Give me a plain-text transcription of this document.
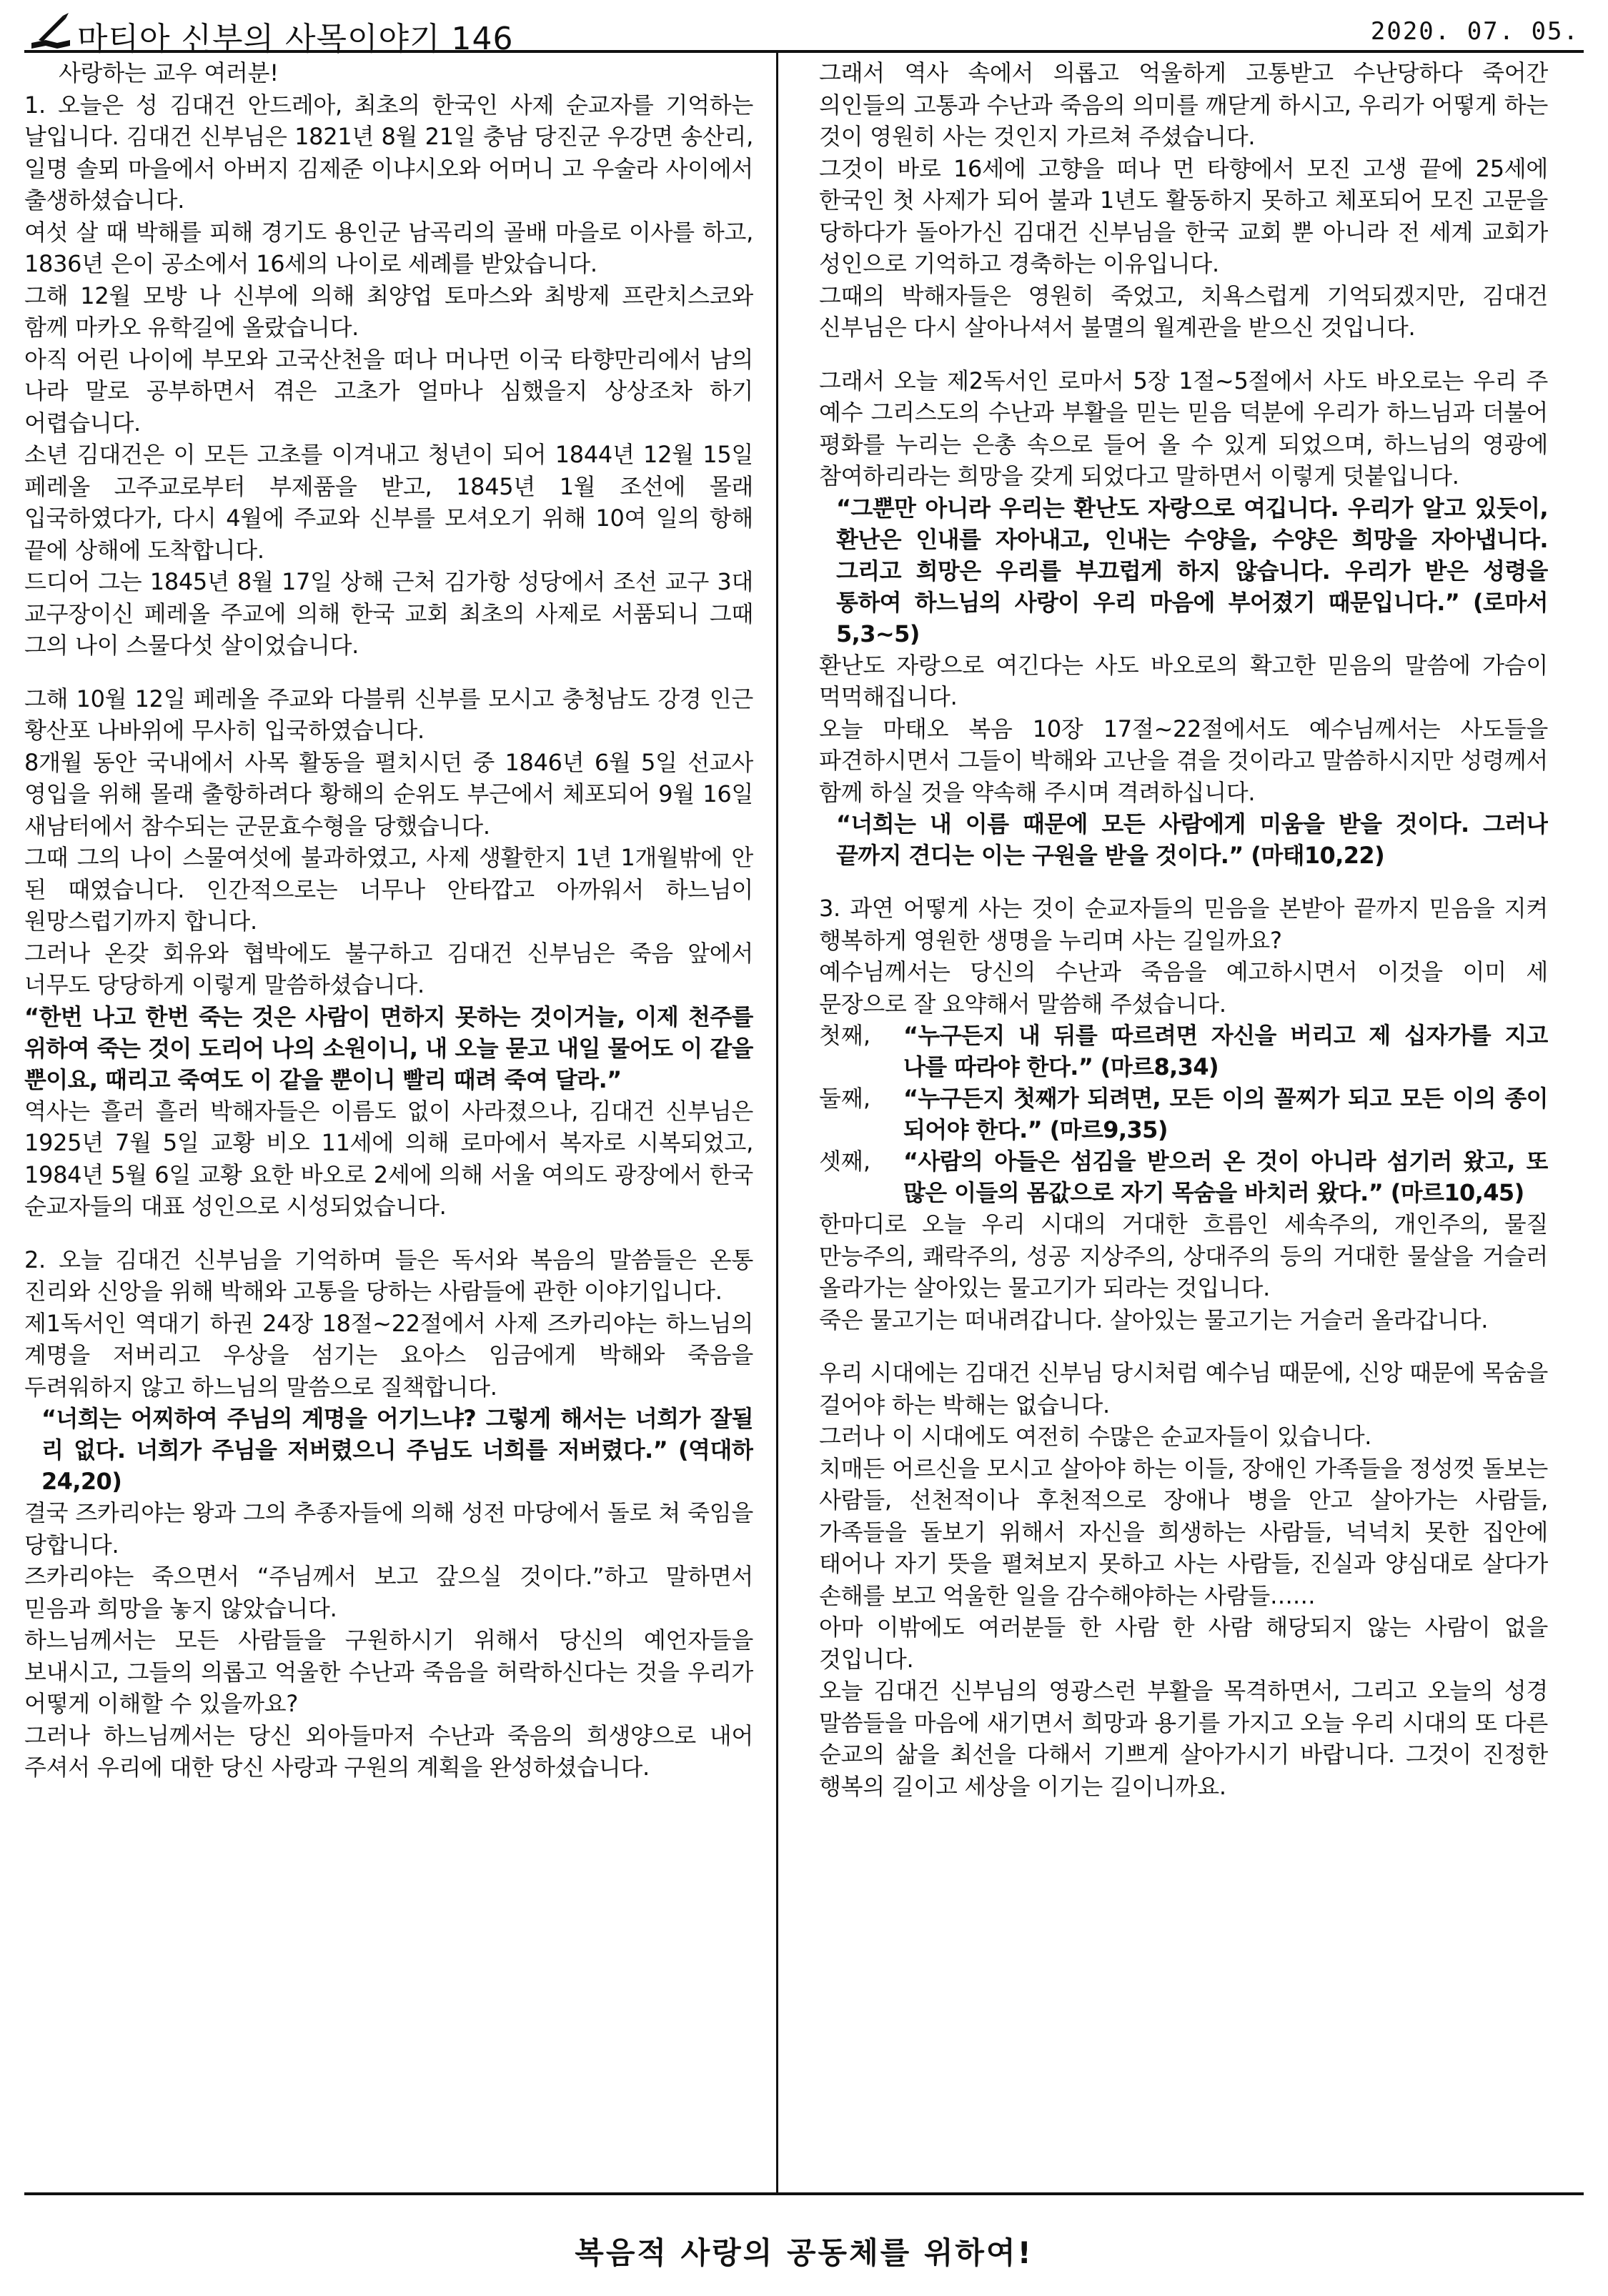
마티아 신부의 사목이야기 146	2020. 07. 05.

사랑하는 교우 여러분!

1. 오늘은 성 김대건 안드레아, 최초의 한국인 사제 순교자를 기억하는 날입니다. 김대건 신부님은 1821년 8월 21일 충남 당진군 우강면 송산리, 일명 솔뫼 마을에서 아버지 김제준 이냐시오와 어머니 고 우술라 사이에서 출생하셨습니다.

여섯 살 때 박해를 피해 경기도 용인군 남곡리의 골배 마을로 이사를 하고, 1836년 은이 공소에서 16세의 나이로 세례를 받았습니다.

그해 12월 모방 나 신부에 의해 최양업 토마스와 최방제 프란치스코와 함께 마카오 유학길에 올랐습니다.

아직 어린 나이에 부모와 고국산천을 떠나 머나먼 이국 타향만리에서 남의 나라 말로 공부하면서 겪은 고초가 얼마나 심했을지 상상조차 하기 어렵습니다.

소년 김대건은 이 모든 고초를 이겨내고 청년이 되어 1844년 12월 15일 페레올 고주교로부터 부제품을 받고, 1845년 1월 조선에 몰래 입국하였다가, 다시 4월에 주교와 신부를 모셔오기 위해 10여 일의 항해 끝에 상해에 도착합니다.

드디어 그는 1845년 8월 17일 상해 근처 김가항 성당에서 조선 교구 3대 교구장이신 페레올 주교에 의해 한국 교회 최초의 사제로 서품되니 그때 그의 나이 스물다섯 살이었습니다.

그해 10월 12일 페레올 주교와 다블뤼 신부를 모시고 충청남도 강경 인근 황산포 나바위에 무사히 입국하였습니다.

8개월 동안 국내에서 사목 활동을 펼치시던 중 1846년 6월 5일 선교사 영입을 위해 몰래 출항하려다 황해의 순위도 부근에서 체포되어 9월 16일 새남터에서 참수되는 군문효수형을 당했습니다.

그때 그의 나이 스물여섯에 불과하였고, 사제 생활한지 1년 1개월밖에 안 된 때였습니다. 인간적으로는 너무나 안타깝고 아까워서 하느님이 원망스럽기까지 합니다.

그러나 온갖 회유와 협박에도 불구하고 김대건 신부님은 죽음 앞에서 너무도 당당하게 이렇게 말씀하셨습니다.

“한번 나고 한번 죽는 것은 사람이 면하지 못하는 것이거늘, 이제 천주를 위하여 죽는 것이 도리어 나의 소원이니, 내 오늘 묻고 내일 물어도 이 같을 뿐이요, 때리고 죽여도 이 같을 뿐이니 빨리 때려 죽여 달라.”

역사는 흘러 흘러 박해자들은 이름도 없이 사라졌으나, 김대건 신부님은 1925년 7월 5일 교황 비오 11세에 의해 로마에서 복자로 시복되었고, 1984년 5월 6일 교황 요한 바오로 2세에 의해 서울 여의도 광장에서 한국 순교자들의 대표 성인으로 시성되었습니다.

2. 오늘 김대건 신부님을 기억하며 들은 독서와 복음의 말씀들은 온통 진리와 신앙을 위해 박해와 고통을 당하는 사람들에 관한 이야기입니다.

제1독서인 역대기 하권 24장 18절~22절에서 사제 즈카리야는 하느님의 계명을 저버리고 우상을 섬기는 요아스 임금에게 박해와 죽음을 두려워하지 않고 하느님의 말씀으로 질책합니다.

“너희는 어찌하여 주님의 계명을 어기느냐? 그렇게 해서는 너희가 잘될 리 없다. 너희가 주님을 저버렸으니 주님도 너희를 저버렸다.” (역대하 24,20)

결국 즈카리야는 왕과 그의 추종자들에 의해 성전 마당에서 돌로 쳐 죽임을 당합니다.

즈카리야는 죽으면서 “주님께서 보고 갚으실 것이다.”하고 말하면서 믿음과 희망을 놓지 않았습니다.

하느님께서는 모든 사람들을 구원하시기 위해서 당신의 예언자들을 보내시고, 그들의 의롭고 억울한 수난과 죽음을 허락하신다는 것을 우리가 어떻게 이해할 수 있을까요?

그러나 하느님께서는 당신 외아들마저 수난과 죽음의 희생양으로 내어 주셔서 우리에 대한 당신 사랑과 구원의 계획을 완성하셨습니다.

그래서 역사 속에서 의롭고 억울하게 고통받고 수난당하다 죽어간 의인들의 고통과 수난과 죽음의 의미를 깨닫게 하시고, 우리가 어떻게 하는 것이 영원히 사는 것인지 가르쳐 주셨습니다.

그것이 바로 16세에 고향을 떠나 먼 타향에서 모진 고생 끝에 25세에 한국인 첫 사제가 되어 불과 1년도 활동하지 못하고 체포되어 모진 고문을 당하다가 돌아가신 김대건 신부님을 한국 교회 뿐 아니라 전 세계 교회가 성인으로 기억하고 경축하는 이유입니다.

그때의 박해자들은 영원히 죽었고, 치욕스럽게 기억되겠지만, 김대건 신부님은 다시 살아나셔서 불멸의 월계관을 받으신 것입니다.

그래서 오늘 제2독서인 로마서 5장 1절~5절에서 사도 바오로는 우리 주 예수 그리스도의 수난과 부활을 믿는 믿음 덕분에 우리가 하느님과 더불어 평화를 누리는 은총 속으로 들어 올 수 있게 되었으며, 하느님의 영광에 참여하리라는 희망을 갖게 되었다고 말하면서 이렇게 덧붙입니다.

“그뿐만 아니라 우리는 환난도 자랑으로 여깁니다. 우리가 알고 있듯이, 환난은 인내를 자아내고, 인내는 수양을, 수양은 희망을 자아냅니다. 그리고 희망은 우리를 부끄럽게 하지 않습니다. 우리가 받은 성령을 통하여 하느님의 사랑이 우리 마음에 부어졌기 때문입니다.” (로마서 5,3~5)

환난도 자랑으로 여긴다는 사도 바오로의 확고한 믿음의 말씀에 가슴이 먹먹해집니다.

오늘 마태오 복음 10장 17절~22절에서도 예수님께서는 사도들을 파견하시면서 그들이 박해와 고난을 겪을 것이라고 말씀하시지만 성령께서 함께 하실 것을 약속해 주시며 격려하십니다.

“너희는 내 이름 때문에 모든 사람에게 미움을 받을 것이다. 그러나 끝까지 견디는 이는 구원을 받을 것이다.” (마태10,22)

3. 과연 어떻게 사는 것이 순교자들의 믿음을 본받아 끝까지 믿음을 지켜 행복하게 영원한 생명을 누리며 사는 길일까요?

예수님께서는 당신의 수난과 죽음을 예고하시면서 이것을 이미 세 문장으로 잘 요약해서 말씀해 주셨습니다.

첫째,	“누구든지 내 뒤를 따르려면 자신을 버리고 제 십자가를 지고 나를 따라야 한다.” (마르8,34)

둘째,	“누구든지 첫째가 되려면, 모든 이의 꼴찌가 되고 모든 이의 종이 되어야 한다.” (마르9,35)

셋째,	“사람의 아들은 섬김을 받으러 온 것이 아니라 섬기러 왔고, 또 많은 이들의 몸값으로 자기 목숨을 바치러 왔다.” (마르10,45)

한마디로 오늘 우리 시대의 거대한 흐름인 세속주의, 개인주의, 물질 만능주의, 쾌락주의, 성공 지상주의, 상대주의 등의 거대한 물살을 거슬러 올라가는 살아있는 물고기가 되라는 것입니다.

죽은 물고기는 떠내려갑니다. 살아있는 물고기는 거슬러 올라갑니다.

우리 시대에는 김대건 신부님 당시처럼 예수님 때문에, 신앙 때문에 목숨을 걸어야 하는 박해는 없습니다.

그러나 이 시대에도 여전히 수많은 순교자들이 있습니다.

치매든 어르신을 모시고 살아야 하는 이들, 장애인 가족들을 정성껏 돌보는 사람들, 선천적이나 후천적으로 장애나 병을 안고 살아가는 사람들, 가족들을 돌보기 위해서 자신을 희생하는 사람들, 넉넉치 못한 집안에 태어나 자기 뜻을 펼쳐보지 못하고 사는 사람들, 진실과 양심대로 살다가 손해를 보고 억울한 일을 감수해야하는 사람들……

아마 이밖에도 여러분들 한 사람 한 사람 해당되지 않는 사람이 없을 것입니다.

오늘 김대건 신부님의 영광스런 부활을 목격하면서, 그리고 오늘의 성경 말씀들을 마음에 새기면서 희망과 용기를 가지고 오늘 우리 시대의 또 다른 순교의 삶을 최선을 다해서 기쁘게 살아가시기 바랍니다. 그것이 진정한 행복의 길이고 세상을 이기는 길이니까요.

복음적 사랑의 공동체를 위하여!
